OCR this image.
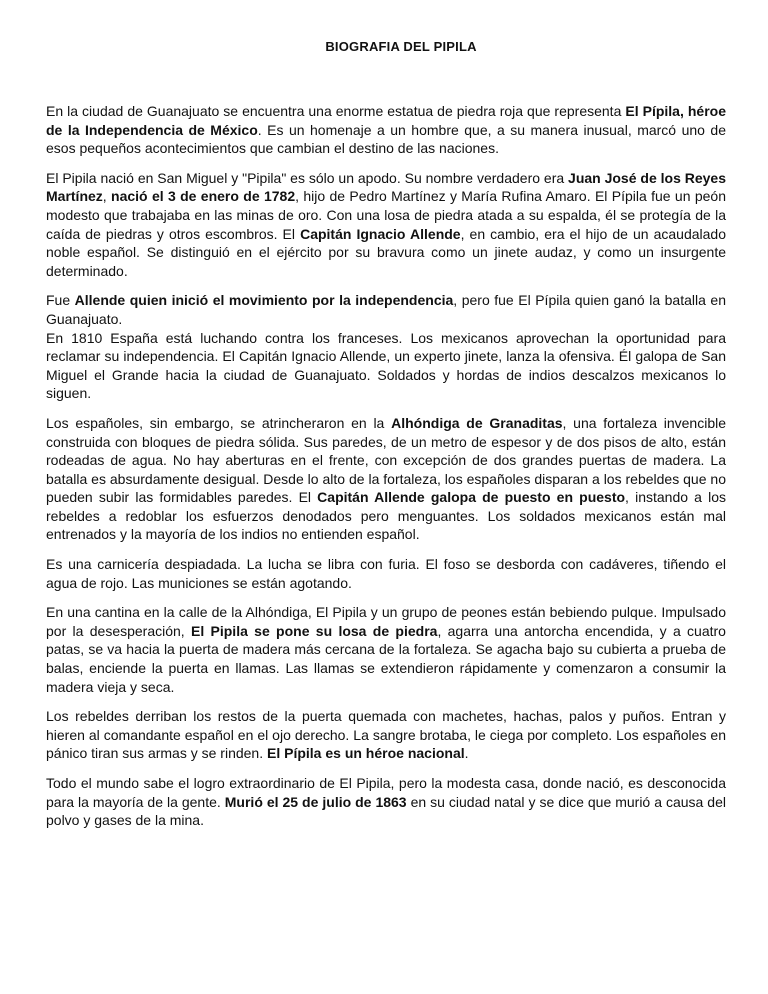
BIOGRAFIA DEL PIPILA

En la ciudad de Guanajuato se encuentra una enorme estatua de piedra roja que representa El Pípila, héroe de la Independencia de México. Es un homenaje a un hombre que, a su manera inusual, marcó uno de esos pequeños acontecimientos que cambian el destino de las naciones.

El Pipila nació en San Miguel y "Pipila" es sólo un apodo. Su nombre verdadero era Juan José de los Reyes Martínez, nació el 3 de enero de 1782, hijo de Pedro Martínez y María Rufina Amaro. El Pípila fue un peón modesto que trabajaba en las minas de oro. Con una losa de piedra atada a su espalda, él se protegía de la caída de piedras y otros escombros. El Capitán Ignacio Allende, en cambio, era el hijo de un acaudalado noble español. Se distinguió en el ejército por su bravura como un jinete audaz, y como un insurgente determinado.

Fue Allende quien inició el movimiento por la independencia, pero fue El Pípila quien ganó la batalla en Guanajuato.
En 1810 España está luchando contra los franceses. Los mexicanos aprovechan la oportunidad para reclamar su independencia. El Capitán Ignacio Allende, un experto jinete, lanza la ofensiva. Él galopa de San Miguel el Grande hacia la ciudad de Guanajuato. Soldados y hordas de indios descalzos mexicanos lo siguen.

Los españoles, sin embargo, se atrincheraron en la Alhóndiga de Granaditas, una fortaleza invencible construida con bloques de piedra sólida. Sus paredes, de un metro de espesor y de dos pisos de alto, están rodeadas de agua. No hay aberturas en el frente, con excepción de dos grandes puertas de madera. La batalla es absurdamente desigual. Desde lo alto de la fortaleza, los españoles disparan a los rebeldes que no pueden subir las formidables paredes. El Capitán Allende galopa de puesto en puesto, instando a los rebeldes a redoblar los esfuerzos denodados pero menguantes. Los soldados mexicanos están mal entrenados y la mayoría de los indios no entienden español.

Es una carnicería despiadada. La lucha se libra con furia. El foso se desborda con cadáveres, tiñendo el agua de rojo. Las municiones se están agotando.

En una cantina en la calle de la Alhóndiga, El Pipila y un grupo de peones están bebiendo pulque. Impulsado por la desesperación, El Pipila se pone su losa de piedra, agarra una antorcha encendida, y a cuatro patas, se va hacia la puerta de madera más cercana de la fortaleza. Se agacha bajo su cubierta a prueba de balas, enciende la puerta en llamas. Las llamas se extendieron rápidamente y comenzaron a consumir la madera vieja y seca.

Los rebeldes derriban los restos de la puerta quemada con machetes, hachas, palos y puños. Entran y hieren al comandante español en el ojo derecho. La sangre brotaba, le ciega por completo. Los españoles en pánico tiran sus armas y se rinden. El Pípila es un héroe nacional.

Todo el mundo sabe el logro extraordinario de El Pipila, pero la modesta casa, donde nació, es desconocida para la mayoría de la gente. Murió el 25 de julio de 1863 en su ciudad natal y se dice que murió a causa del polvo y gases de la mina.
